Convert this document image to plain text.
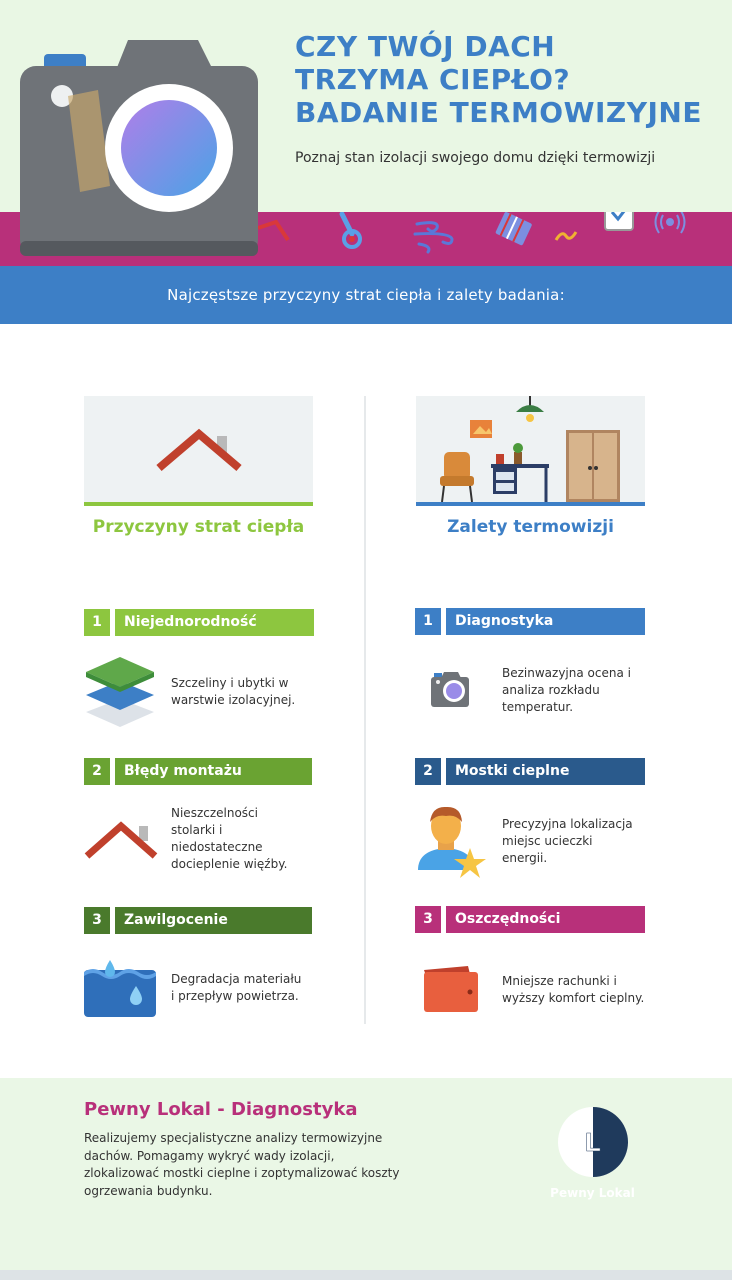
Najczęstsze przyczyny strat ciepła i zalety badania:
CZY TWÓJ DACH
TRZYMA CIEPŁO?
BADANIE TERMOWIZYJNE
Poznaj stan izolacji swojego domu dzięki termowizji
Przyczyny strat ciepła	Zalety termowizji
1	Niejednorodność
Szczeliny i ubytki w
warstwie izolacyjnej.
2	Błędy montażu
Nieszczelności
stolarki i
niedostateczne
docieplenie więźby.
3	Zawilgocenie
Degradacja materiału
i przepływ powietrza.
1	Diagnostyka
Bezinwazyjna ocena i
analiza rozkładu
temperatur.
2	Mostki cieplne
Precyzyjna lokalizacja
miejsc ucieczki
energii.
3	Oszczędności
Mniejsze rachunki i
wyższy komfort cieplny.
Pewny Lokal - Diagnostyka
Realizujemy specjalistyczne analizy termowizyjne
dachów. Pomagamy wykryć wady izolacji,
zlokalizować mostki cieplne i zoptymalizować koszty
ogrzewania budynku.
L
Pewny Lokal
